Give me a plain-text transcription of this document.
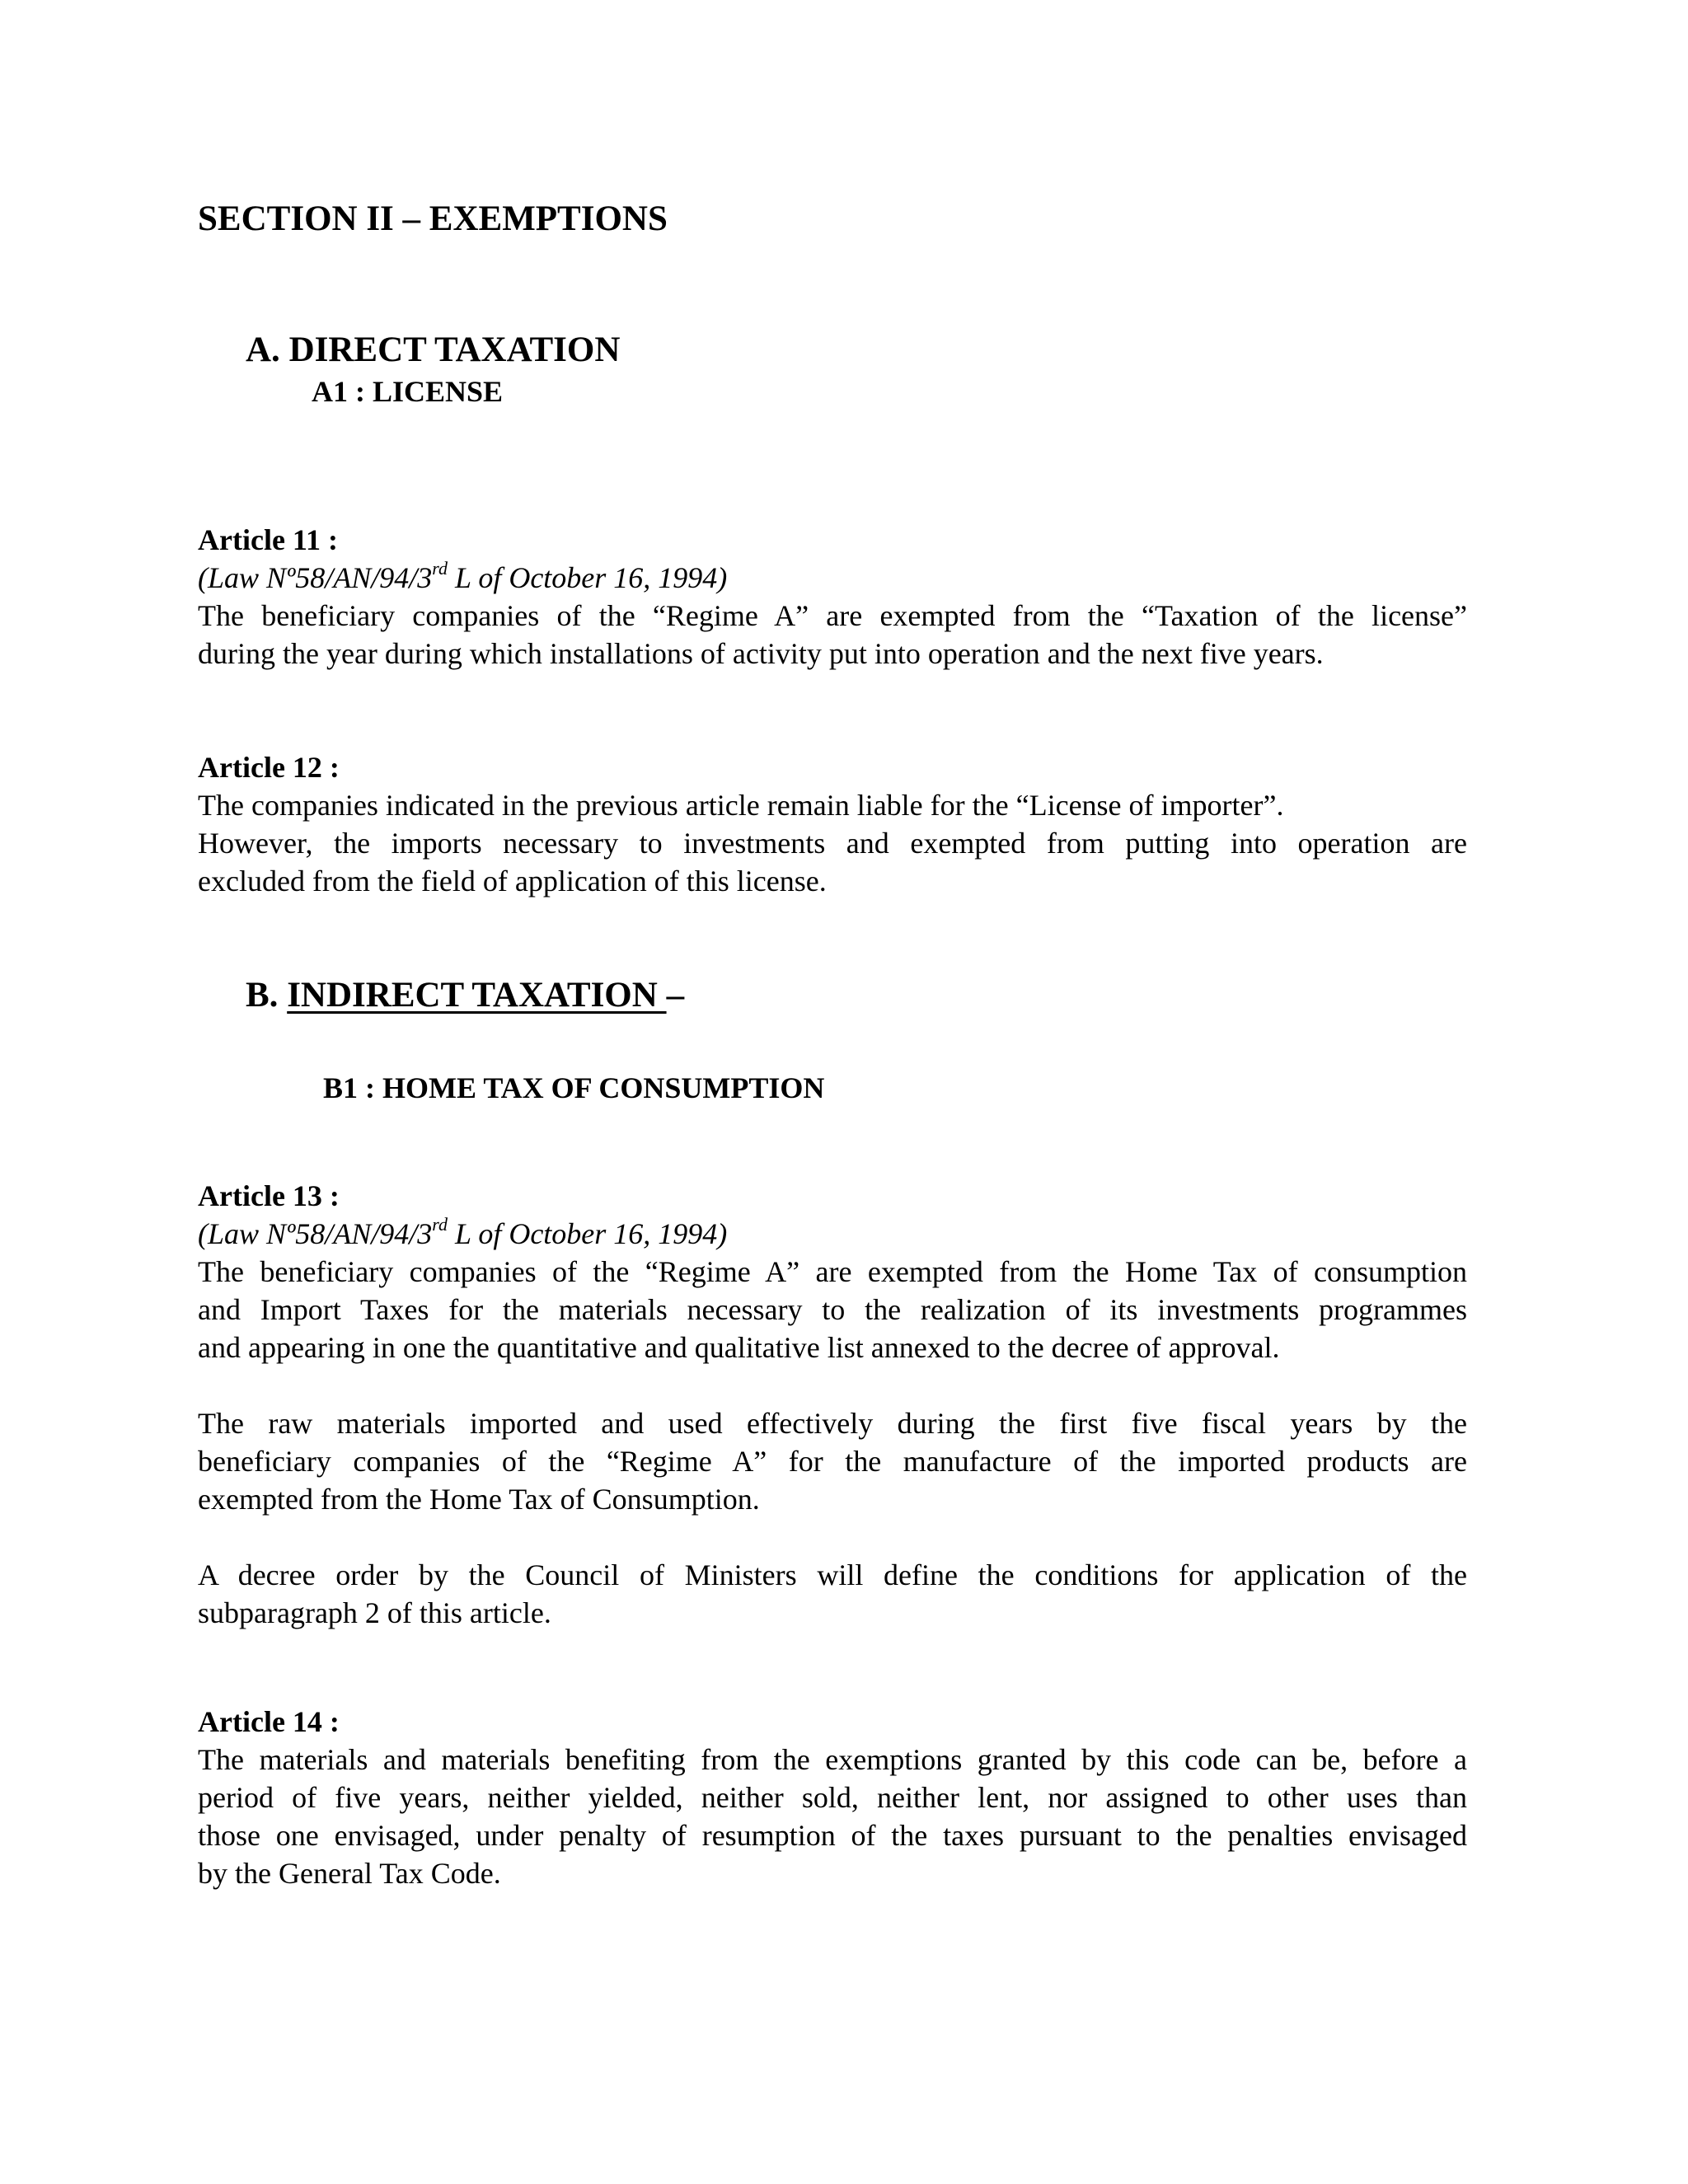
SECTION II – EXEMPTIONS
A. DIRECT TAXATION
A1 : LICENSE
Article 11 :
(Law Nº58/AN/94/3rd L of October 16, 1994)
The beneficiary companies of the “Regime A” are exempted from the “Taxation of the license”
during the year during which installations of activity put into operation and the next five years.
Article 12 :
The companies indicated in the previous article remain liable for the “License of importer”.
However, the imports necessary to investments and exempted from putting into operation are
excluded from the field of application of this license.
B. INDIRECT TAXATION –
B1 : HOME TAX OF CONSUMPTION
Article 13 :
(Law Nº58/AN/94/3rd L of October 16, 1994)
The beneficiary companies of the “Regime A” are exempted from the Home Tax of consumption
and Import Taxes for the materials necessary to the realization of its investments programmes
and appearing in one the quantitative and qualitative list annexed to the decree of approval.
The raw materials imported and used effectively during the first five fiscal years by the
beneficiary companies of the “Regime A” for the manufacture of the imported products are
exempted from the Home Tax of Consumption.
A decree order by the Council of Ministers will define the conditions for application of the
subparagraph 2 of this article.
Article 14 :
The materials and materials benefiting from the exemptions granted by this code can be, before a
period of five years, neither yielded, neither sold, neither lent, nor assigned to other uses than
those one envisaged, under penalty of resumption of the taxes pursuant to the penalties envisaged
by the General Tax Code.
